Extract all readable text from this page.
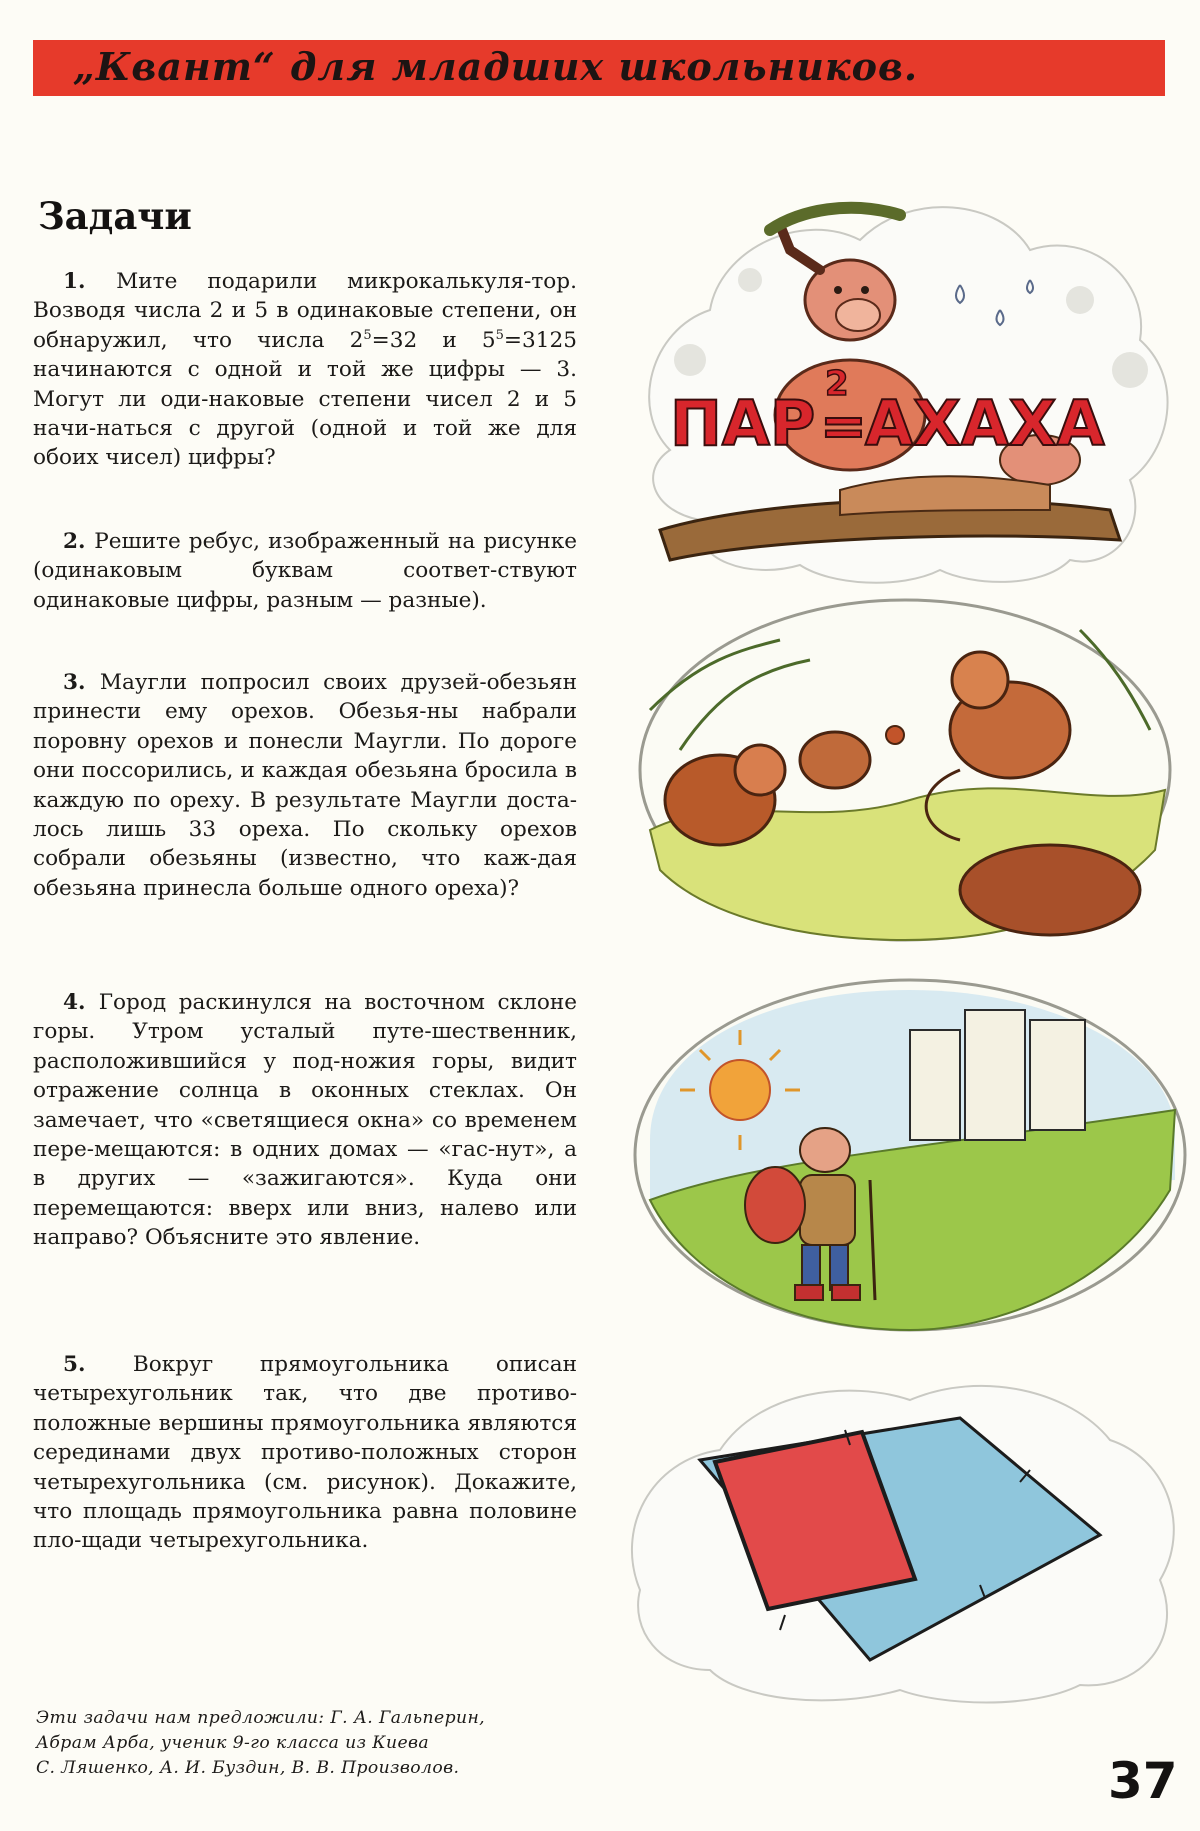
„Квант“ для младших школьников.
Задачи

1. Мите подарили микрокалькуля-тор. Возводя числа 2 и 5 в одинаковые степени, он обнаружил, что числа $2^5=32$ и $5^5=3125$ начинаются с одной и той же цифры — 3. Могут ли оди-наковые степени чисел 2 и 5 начи-наться с другой (одной и той же для обоих чисел) цифры?

2. Решите ребус, изображенный на рисунке (одинаковым буквам соответ-ствуют одинаковые цифры, разным — разные).

3. Маугли попросил своих друзей-обезьян принести ему орехов. Обезья-ны набрали поровну орехов и понесли Маугли. По дороге они поссорились, и каждая обезьяна бросила в каждую по ореху. В результате Маугли доста-лось лишь 33 ореха. По скольку орехов собрали обезьяны (известно, что каж-дая обезьяна принесла больше одного ореха)?

4. Город раскинулся на восточном склоне горы. Утром усталый путе-шественник, расположившийся у под-ножия горы, видит отражение солнца в оконных стеклах. Он замечает, что «светящиеся окна» со временем пере-мещаются: в одних домах — «гас-нут», а в других — «зажигаются». Куда они перемещаются: вверх или вниз, налево или направо? Объясните это явление.

5. Вокруг прямоугольника описан четырехугольник так, что две противо-положные вершины прямоугольника являются серединами двух противо-положных сторон четырехугольника (см. рисунок). Докажите, что площадь прямоугольника равна половине пло-щади четырехугольника.

Эти задачи нам предложили: Г. А. Гальперин,
Абрам Арба, ученик 9-го класса из Киева
С. Ляшенко, А. И. Буздин, В. В. Произволов.	37
ПАР
2
=
АХАХА
